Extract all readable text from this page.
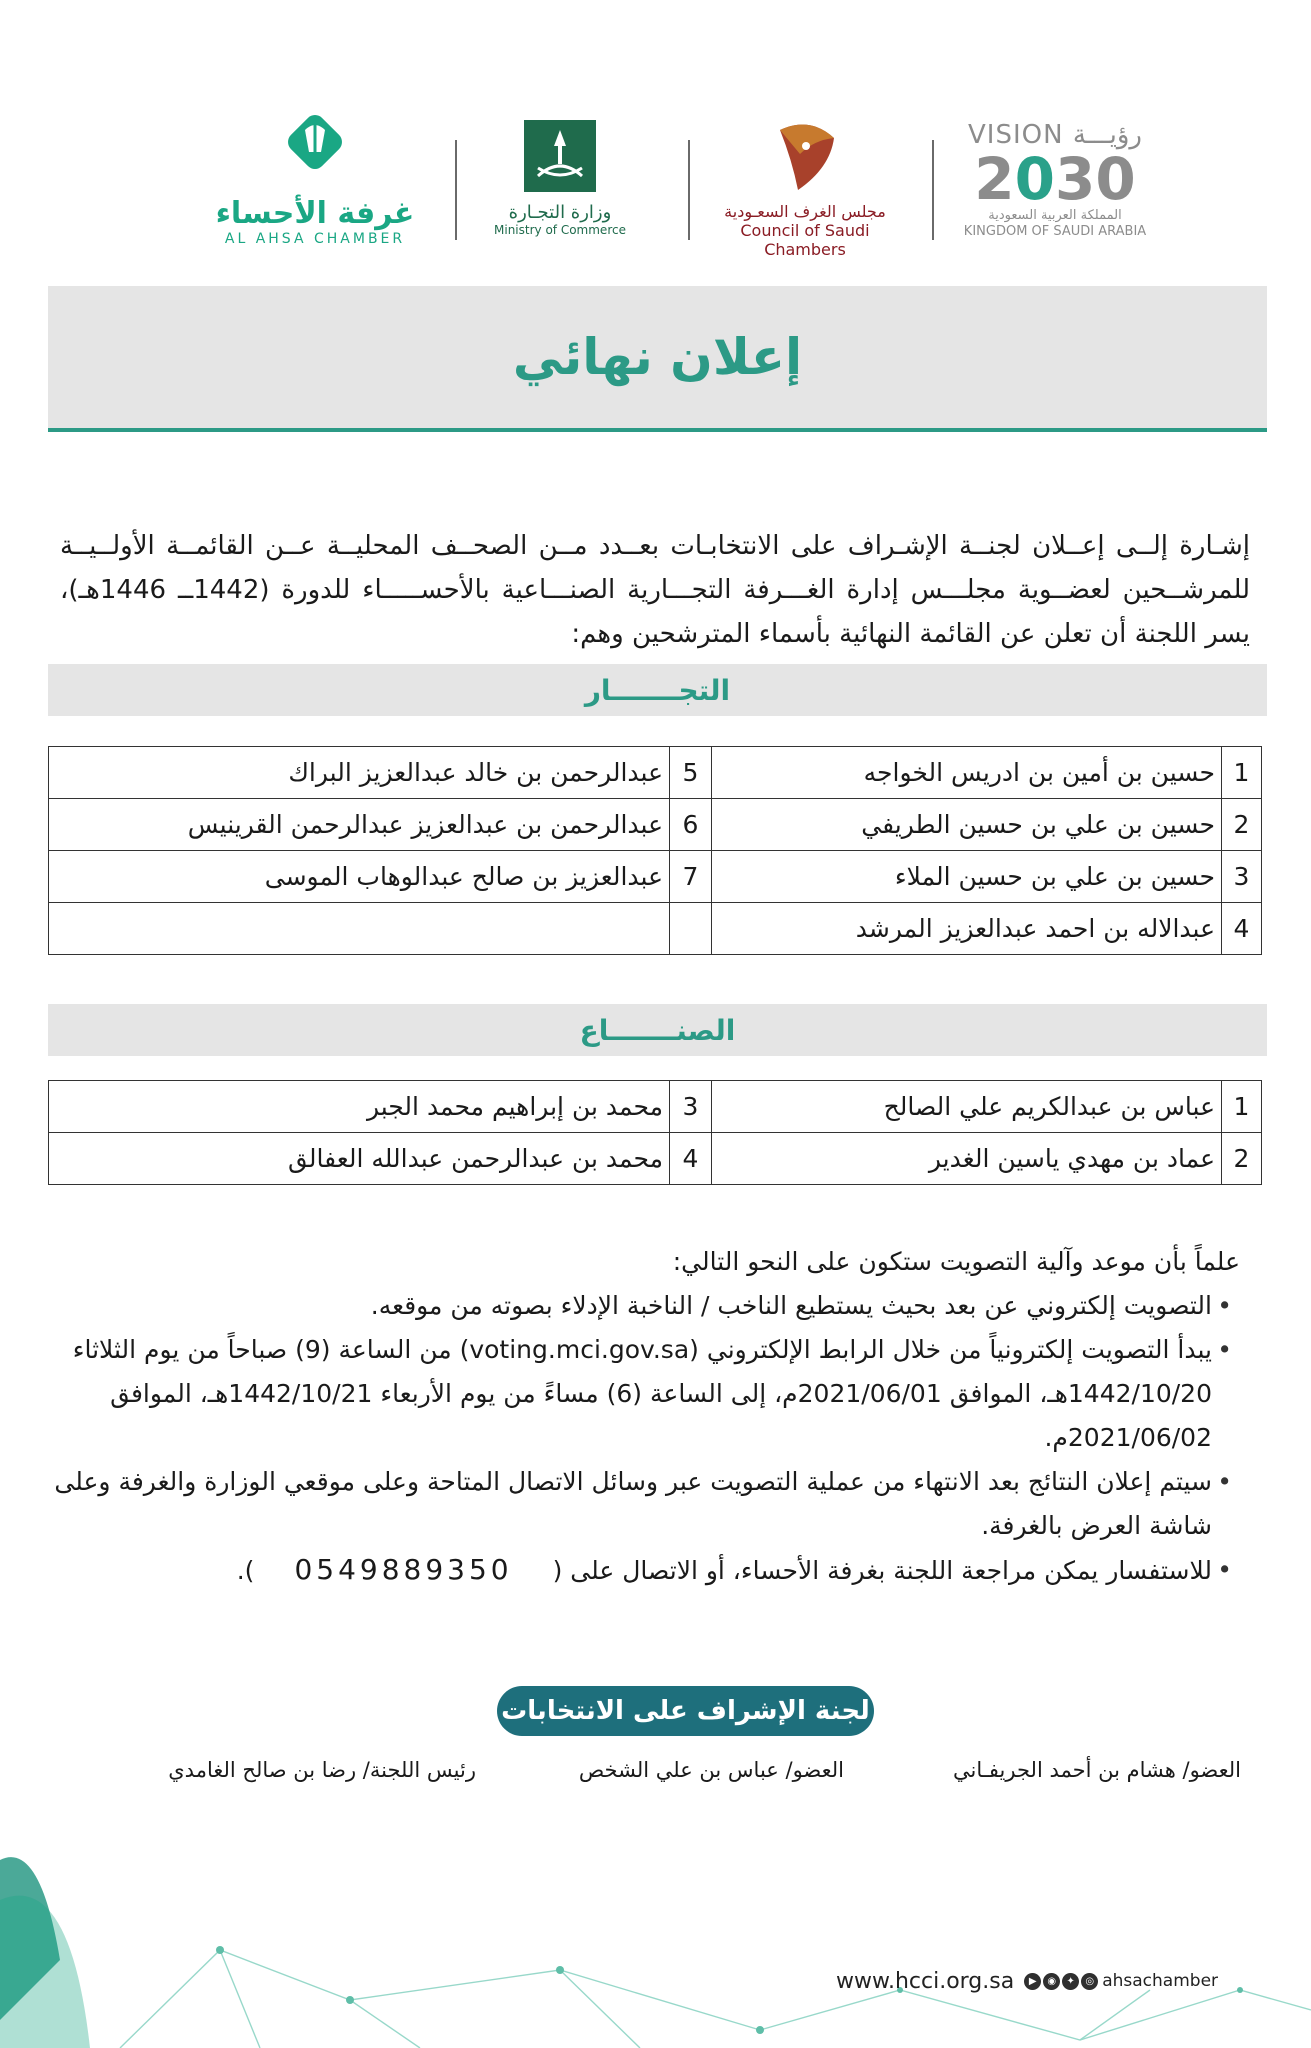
VISION رؤيـــة
2030
المملكة العربية السعودية
KINGDOM OF SAUDI ARABIA
مجلس الغرف السعـودية
Council of Saudi Chambers
وزارة التجـارة
Ministry of Commerce
غرفة الأحساء
AL AHSA CHAMBER
إعلان نهائي

إشـارة إلــى إعــلان لجنــة الإشـراف على الانتخابـات بعــدد مــن الصحــف المحليــة عــن القائمــة الأولــيــة للمرشــحين لعضــوية مجلـــس إدارة الغـــرفة التجـــارية الصنـــاعية بالأحســـــاء للدورة (1442ــ 1446هـ)، يسر اللجنة أن تعلن عن القائمة النهائية بأسماء المترشحين وهم:

التجـــــــار
1	حسين بن أمين بن ادريس الخواجه	5	عبدالرحمن بن خالد عبدالعزيز البراك
2	حسين بن علي بن حسين الطريفي	6	عبدالرحمن بن عبدالعزيز عبدالرحمن القرينيس
3	حسين بن علي بن حسين الملاء	7	عبدالعزيز بن صالح عبدالوهاب الموسى
4	عبدالاله بن احمد عبدالعزيز المرشد		
الصنـــــــاع
1	عباس بن عبدالكريم علي الصالح	3	محمد بن إبراهيم محمد الجبر
2	عماد بن مهدي ياسين الغدير	4	محمد بن عبدالرحمن عبدالله العفالق

علماً بأن موعد وآلية التصويت ستكون على النحو التالي:

• التصويت إلكتروني عن بعد بحيث يستطيع الناخب / الناخبة الإدلاء بصوته من موقعه.
• يبدأ التصويت إلكترونياً من خلال الرابط الإلكتروني (voting.mci.gov.sa) من الساعة (9) صباحاً من يوم الثلاثاء 1442/10/20هـ، الموافق 2021/06/01م، إلى الساعة (6) مساءً من يوم الأربعاء 1442/10/21هـ، الموافق 2021/06/02م.
• سيتم إعلان النتائج بعد الانتهاء من عملية التصويت عبر وسائل الاتصال المتاحة وعلى موقعي الوزارة والغرفة وعلى شاشة العرض بالغرفة.
• للاستفسار يمكن مراجعة اللجنة بغرفة الأحساء، أو الاتصال على (0549889350).
لجنة الإشراف على الانتخابات
العضو/ هشام بن أحمد الجريفـاني
العضو/ عباس بن علي الشخص
رئيس اللجنة/ رضا بن صالح الغامدي
www.hcci.org.sa	▶	◉	✦	◎ ahsachamber
